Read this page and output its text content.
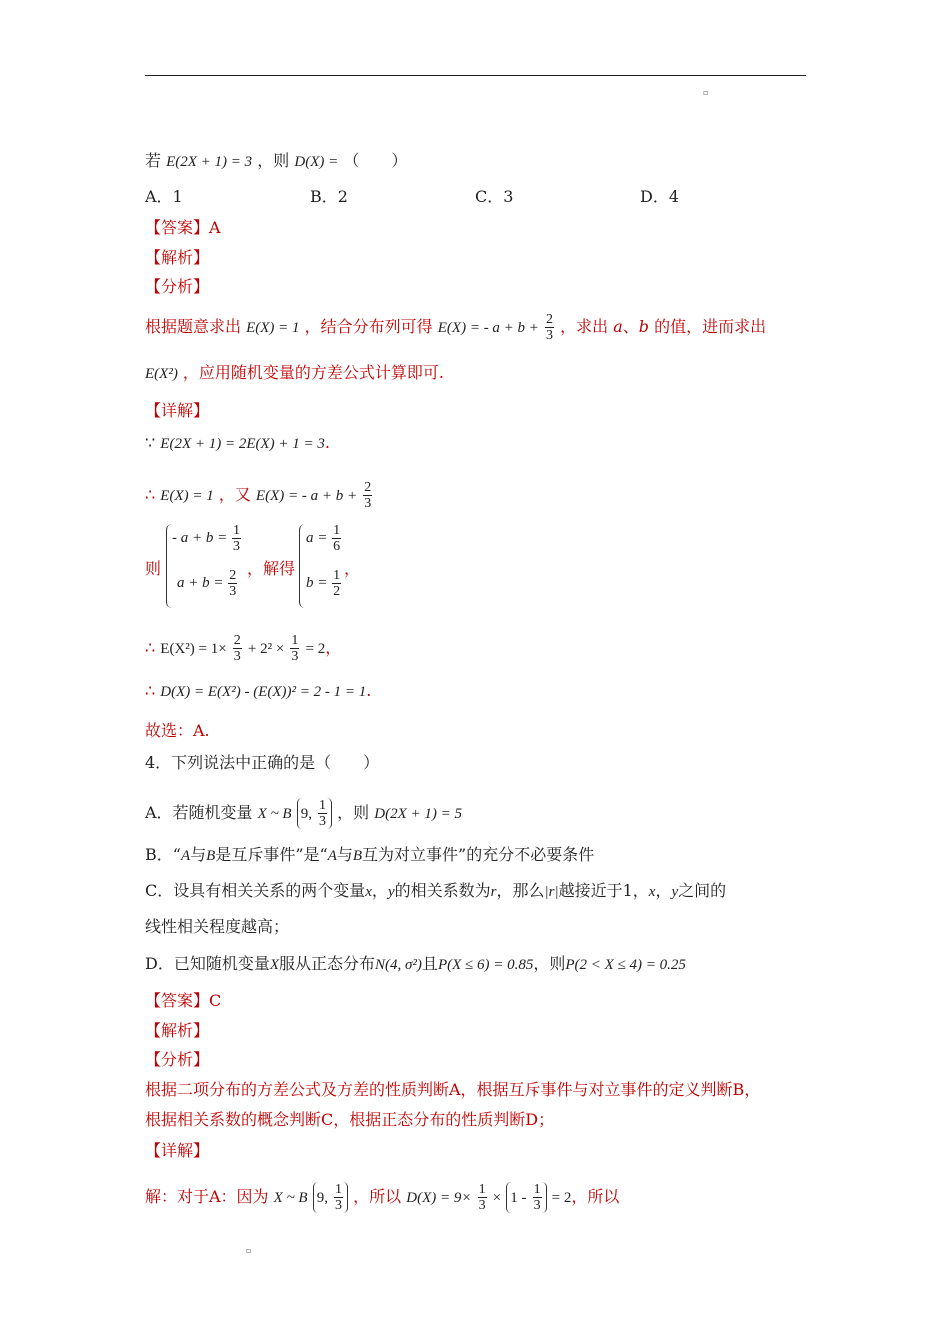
▫
若 E(2X + 1) = 3 ，则 D(X) = （　　）
A．1	B．2	C．3	D．4
【答案】A
【解析】
【分析】
根据题意求出 E(X) = 1 ，结合分布列可得 E(X) = - $a + b + \frac{2}{3}$ ，求出 a、b 的值，进而求出
E(X²) ，应用随机变量的方差公式计算即可.
【详解】
∵ E(2X + 1) = 2E(X) + 1 = 3.
∴ E(X) = 1 ，又 E(X) = - $a + b + \frac{2}{3}$
则
- $a + b = \frac{1}{3}$
$a + b = \frac{2}{3}$ ，解得
$a = \frac{1}{6}$
$b = \frac{1}{2}$ ，
∴ $E(X^2) = 1\times \frac{2}{3} + 2^2 \times \frac{1}{3} = 2$，
∴ D(X) = E(X²) - (E(X))² = 2 - 1 = 1.
故选：A.
4．下列说法中正确的是（　　）
A．若随机变量 X ~ B 9, $\frac{1}{3}$ ，则 D(2X + 1) = 5
B．“A与B是互斥事件”是“A与B互为对立事件”的充分不必要条件
C．设具有相关关系的两个变量x，y的相关系数为r，那么|r|越接近于1，x，y之间的
线性相关程度越高；
D．已知随机变量X服从正态分布N(4, σ²)且P(X ≤ 6) = 0.85，则P(2 < X ≤ 4) = 0.25
【答案】C
【解析】
【分析】
根据二项分布的方差公式及方差的性质判断A，根据互斥事件与对立事件的定义判断B，
根据相关系数的概念判断C，根据正态分布的性质判断D；
【详解】
解：对于A：因为 X ~ B 9, $\frac{1}{3}$ ，所以 $D(X) = 9\times \frac{1}{3} \times 1 - \frac{1}{3} = 2$，所以
▫
